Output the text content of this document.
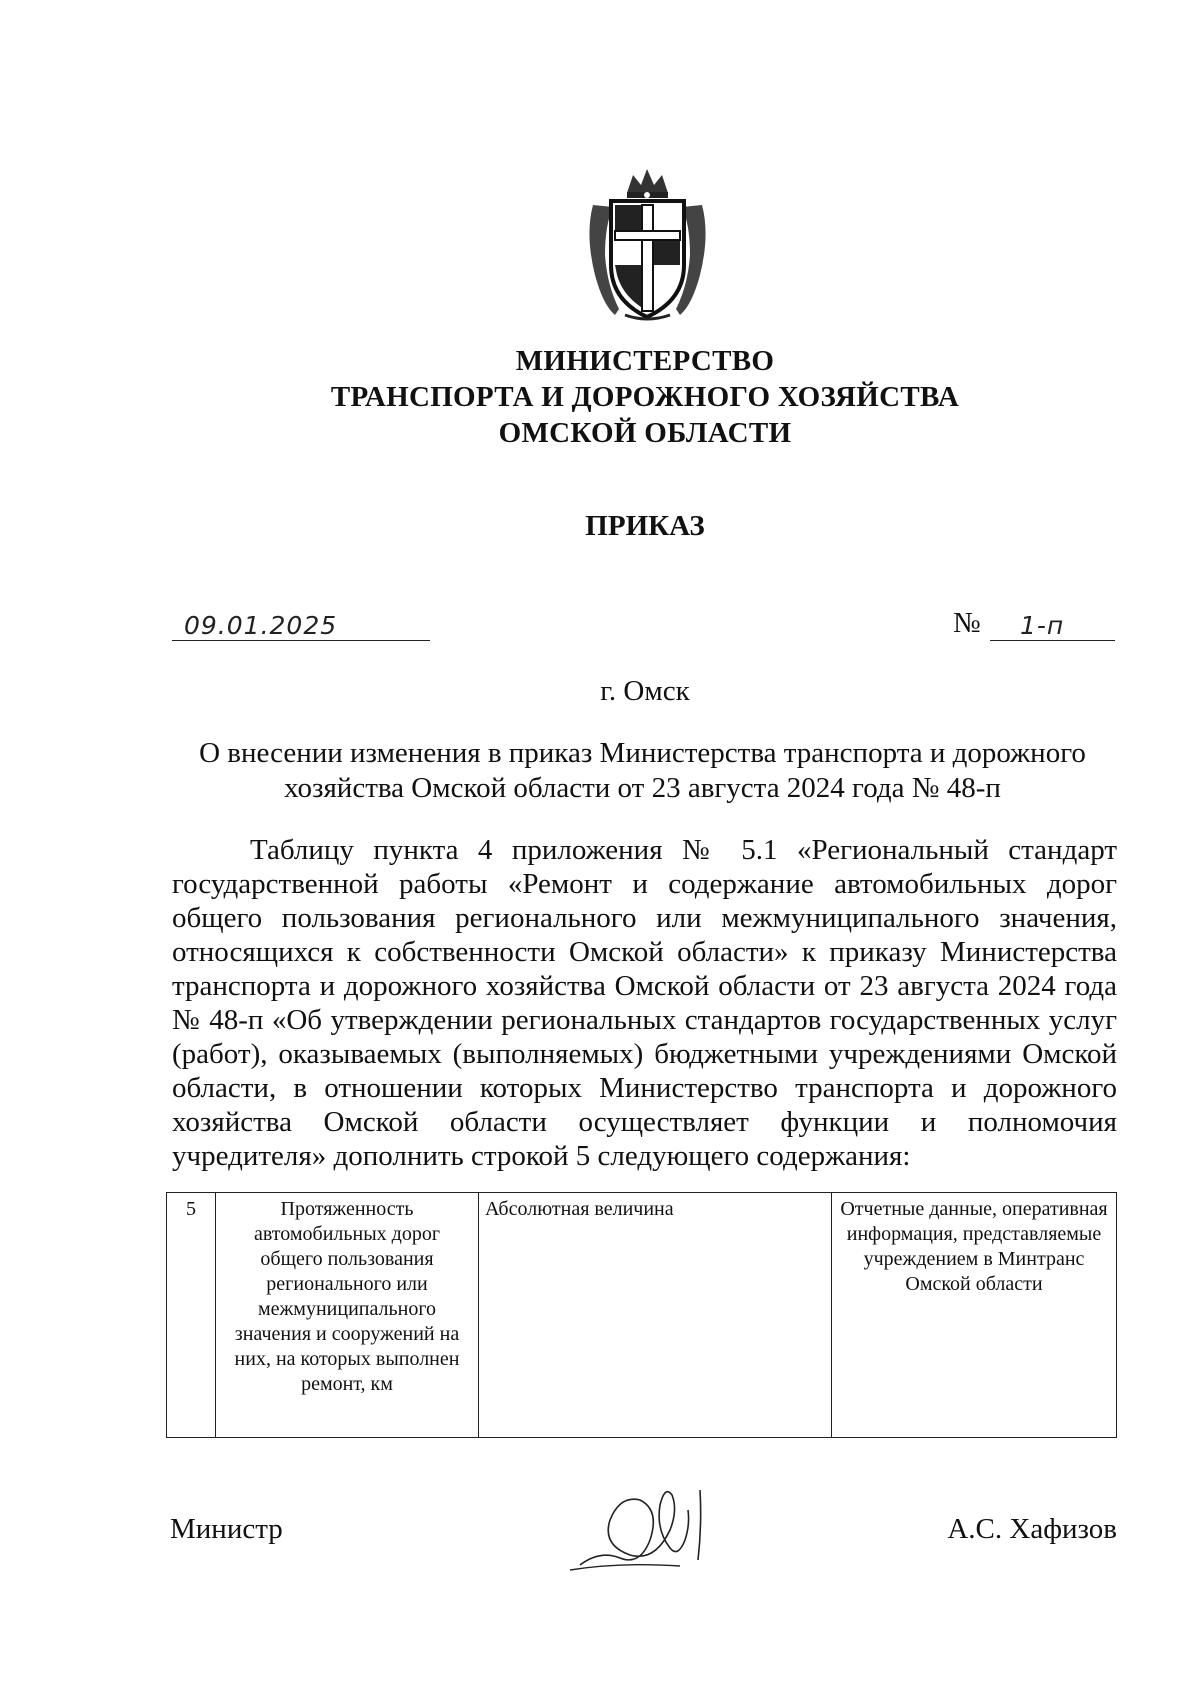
МИНИСТЕРСТВО
ТРАНСПОРТА И ДОРОЖНОГО ХОЗЯЙСТВА
ОМСКОЙ ОБЛАСТИ
ПРИКАЗ
09.01.2025	№ 1-п
г. Омск
О внесении изменения в приказ Министерства транспорта и дорожного хозяйства Омской области от 23 августа 2024 года № 48-п

Таблицу пункта 4 приложения № 5.1 «Региональный стандарт государственной работы «Ремонт и содержание автомобильных дорог общего пользования регионального или межмуниципального значения, относящихся к собственности Омской области» к приказу Министерства транспорта и дорожного хозяйства Омской области от 23 августа 2024 года № 48-п «Об утверждении региональных стандартов государственных услуг (работ), оказываемых (выполняемых) бюджетными учреждениями Омской области, в отношении которых Министерство транспорта и дорожного хозяйства Омской области осуществляет функции и полномочия учредителя» дополнить строкой 5 следующего содержания:

5	Протяженность автомобильных дорог общего пользования регионального или межмуниципального значения и сооружений на них, на которых выполнен ремонт, км	Абсолютная величина	Отчетные данные, оперативная информация, представляемые учреждением в Минтранс Омской области
Министр	А.С. Хафизов
